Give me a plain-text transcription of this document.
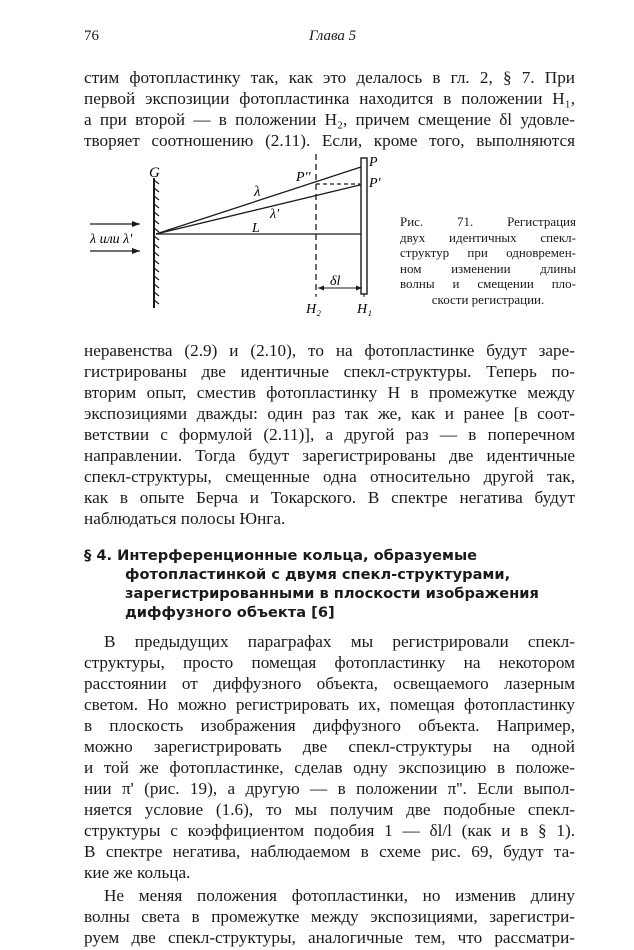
76	Глава 5
стим фотопластинку так, как это делалось в гл. 2, § 7. При
первой экспозиции фотопластинка находится в положении H₁,
а при второй — в положении H₂, причем смещение δl удовле-
творяет соотношению (2.11). Если, кроме того, выполняются
G
λ или λ'
λ
λ'
L
P
P'
P''
δl
H₂	H₁
Рис. 71. Регистрация
двух идентичных спекл-
структур при одновремен-
ном изменении длины
волны и смещении пло-
скости регистрации.
неравенства (2.9) и (2.10), то на фотопластинке будут заре-
гистрированы две идентичные спекл-структуры. Теперь по-
вторим опыт, сместив фотопластинку H в промежутке между
экспозициями дважды: один раз так же, как и ранее [в соот-
ветствии с формулой (2.11)], а другой раз — в поперечном
направлении. Тогда будут зарегистрированы две идентичные
спекл-структуры, смещенные одна относительно другой так,
как в опыте Берча и Токарского. В спектре негатива будут
наблюдаться полосы Юнга.
§ 4. Интерференционные кольца, образуемые
фотопластинкой с двумя спекл-структурами,
зарегистрированными в плоскости изображения
диффузного объекта [6]
В предыдущих параграфах мы регистрировали спекл-
структуры, просто помещая фотопластинку на некотором
расстоянии от диффузного объекта, освещаемого лазерным
светом. Но можно регистрировать их, помещая фотопластинку
в плоскость изображения диффузного объекта. Например,
можно зарегистрировать две спекл-структуры на одной
и той же фотопластинке, сделав одну экспозицию в положе-
нии π' (рис. 19), а другую — в положении π''. Если выпол-
няется условие (1.6), то мы получим две подобные спекл-
структуры с коэффициентом подобия 1 — δl/l (как и в § 1).
В спектре негатива, наблюдаемом в схеме рис. 69, будут та-
кие же кольца.
Не меняя положения фотопластинки, но изменив длину
волны света в промежутке между экспозициями, зарегистри-
руем две спекл-структуры, аналогичные тем, что рассматри-
